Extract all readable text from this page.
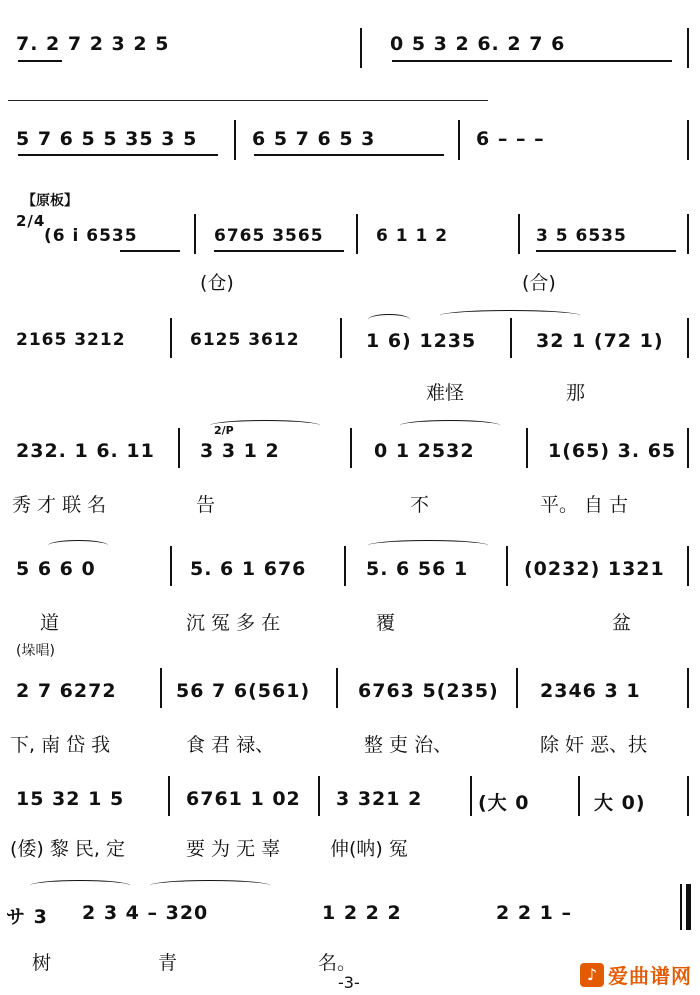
7. 2 7 2 3 2 5	0 5 3 2 6. 2 7 6
5 7 6 5 5 35 3 5	6 5 7 6 5 3	6 – – –
【原板】
2/4
(6 i 6535	6765 3565	6 1 1 2	3 5 6535
(仓)	(合)
2165 3212	6125 3612	1 6) 1235	32 1 (72 1)
难怪	那
232. 1 6. 11
2/P
3 3 1 2	0 1 2532	1(65) 3. 65
秀 才 联 名	告	不	平。 自 古
5 6 6 0	5. 6 1 676	5. 6 56 1	(0232) 1321
道	沉 冤 多 在	覆	盆
(垛唱)
2 7 6272	56 7 6(561)	6763 5(235) 2346 3 1
下, 南 岱 我	食 君 禄、	整 吏 治、	除 奸 恶、扶
15 32 1 5	6761 1 02 3 321 2	(大 0	大 0)
(倭) 黎 民, 定	要 为 无 辜	伸(呐) 冤
サ 3 2 3 4 – 320	1 2 2 2	2 2 1 –
树	青	名。
-3-	♪ 爱曲谱网
